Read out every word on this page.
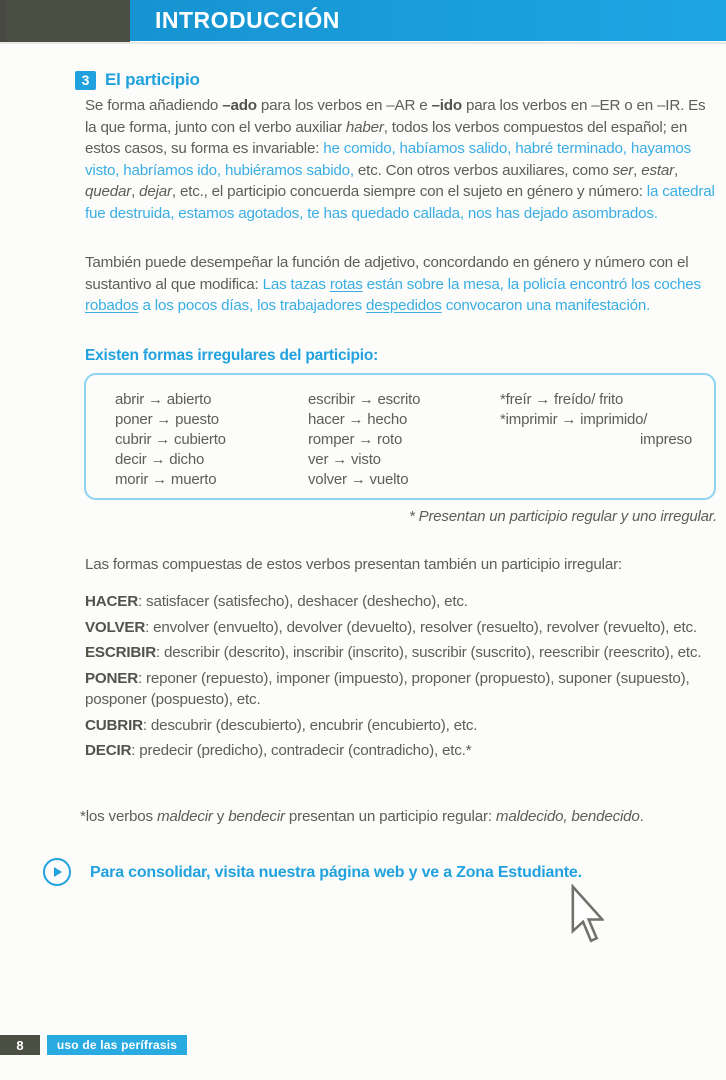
INTRODUCCIÓN
3 El participio
Se forma añadiendo –ado para los verbos en –AR e –ido para los verbos en –ER o en –IR. Es la que forma, junto con el verbo auxiliar haber, todos los verbos compuestos del español; en estos casos, su forma es invariable: he comido, habíamos salido, habré terminado, hayamos visto, habríamos ido, hubiéramos sabido, etc. Con otros verbos auxiliares, como ser, estar, quedar, dejar, etc., el participio concuerda siempre con el sujeto en género y número: la catedral fue destruida, estamos agotados, te has quedado callada, nos has dejado asombrados.
También puede desempeñar la función de adjetivo, concordando en género y número con el sustantivo al que modifica: Las tazas rotas están sobre la mesa, la policía encontró los coches robados a los pocos días, los trabajadores despedidos convocaron una manifestación.
Existen formas irregulares del participio:
abrir → abierto
poner → puesto
cubrir → cubierto
decir → dicho
morir → muerto
escribir → escrito
hacer → hecho
romper → roto
ver → visto
volver → vuelto
*freír → freído/ frito
*imprimir → imprimido/
impreso
* Presentan un participio regular y uno irregular.
Las formas compuestas de estos verbos presentan también un participio irregular:
HACER: satisfacer (satisfecho), deshacer (deshecho), etc.
VOLVER: envolver (envuelto), devolver (devuelto), resolver (resuelto), revolver (revuelto), etc.
ESCRIBIR: describir (descrito), inscribir (inscrito), suscribir (suscrito), reescribir (reescrito), etc.
PONER: reponer (repuesto), imponer (impuesto), proponer (propuesto), suponer (supuesto), posponer (pospuesto), etc.
CUBRIR: descubrir (descubierto), encubrir (encubierto), etc.
DECIR: predecir (predicho), contradecir (contradicho), etc.*
*los verbos maldecir y bendecir presentan un participio regular: maldecido, bendecido.
Para consolidar, visita nuestra página web y ve a Zona Estudiante.
8	uso de las perífrasis
